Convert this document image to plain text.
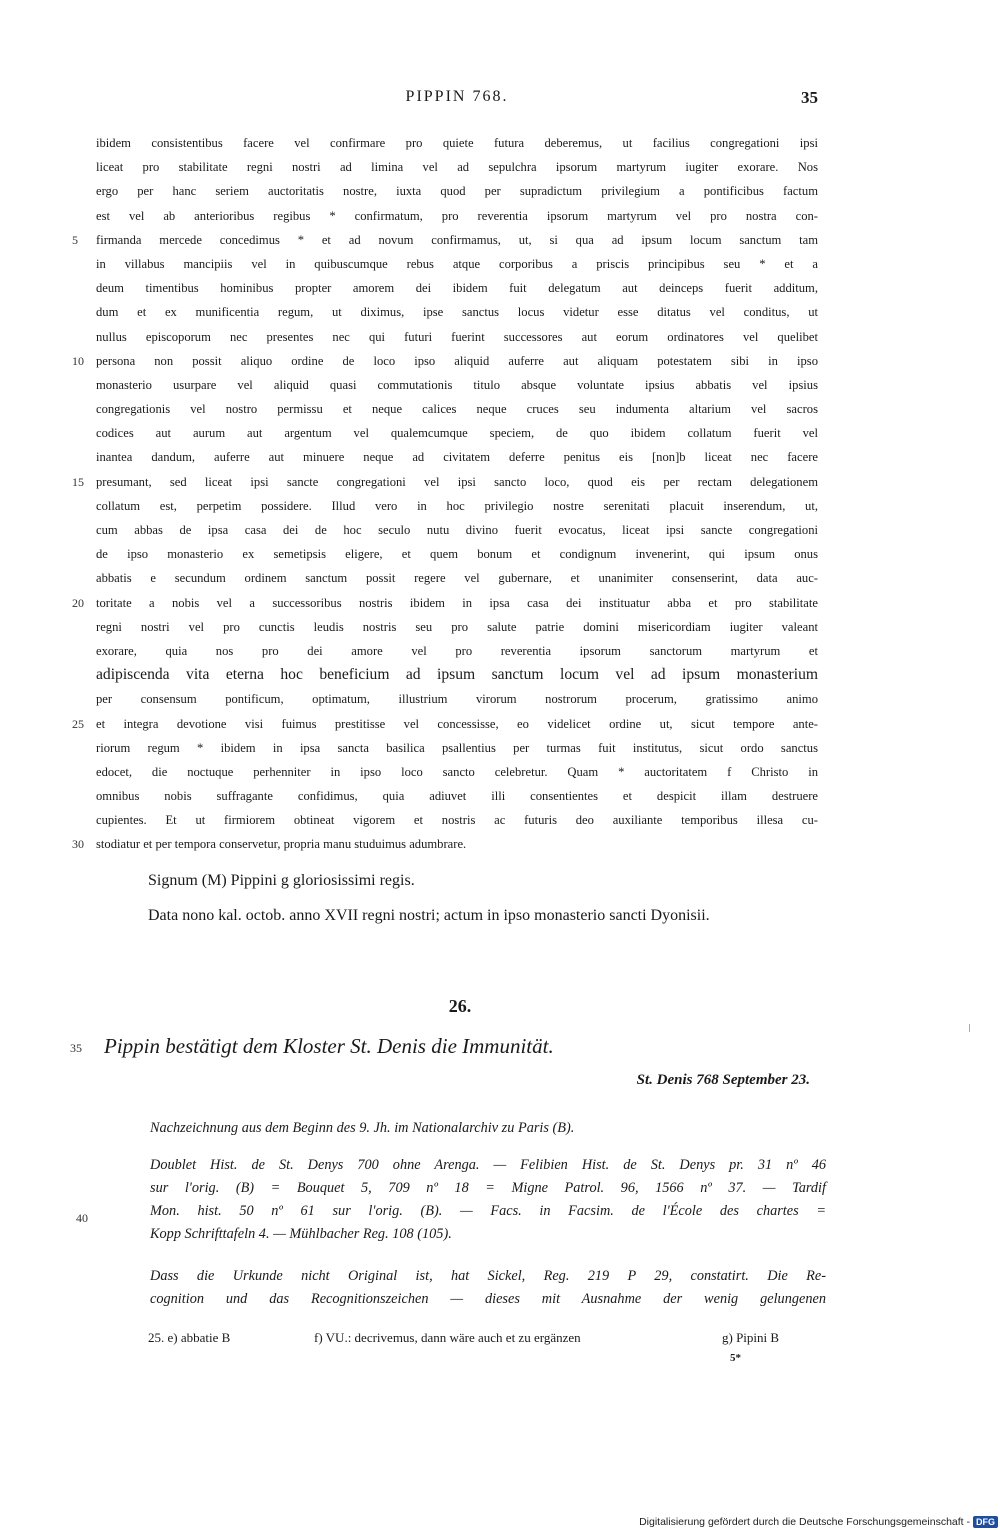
PIPPIN 768.	35
ibidem consistentibus facere vel confirmare pro quiete futura deberemus, ut facilius congregationi ipsi
liceat pro stabilitate regni nostri ad limina vel ad sepulchra ipsorum martyrum iugiter exorare. Nos
ergo per hanc seriem auctoritatis nostre, iuxta quod per supradictum privilegium a pontificibus factum
est vel ab anterioribus regibus * confirmatum, pro reverentia ipsorum martyrum vel pro nostra con-
5	firmanda mercede concedimus * et ad novum confirmamus, ut, si qua ad ipsum locum sanctum tam
in villabus mancipiis vel in quibuscumque rebus atque corporibus a priscis principibus seu * et a
deum timentibus hominibus propter amorem dei ibidem fuit delegatum aut deinceps fuerit additum,
dum et ex munificentia regum, ut diximus, ipse sanctus locus videtur esse ditatus vel conditus, ut
nullus episcoporum nec presentes nec qui futuri fuerint successores aut eorum ordinatores vel quelibet
10 persona non possit aliquo ordine de loco ipso aliquid auferre aut aliquam potestatem sibi in ipso
monasterio usurpare vel aliquid quasi commutationis titulo absque voluntate ipsius abbatis vel ipsius
congregationis vel nostro permissu et neque calices neque cruces seu indumenta altarium vel sacros
codices aut aurum aut argentum vel qualemcumque speciem, de quo ibidem collatum fuerit vel
inantea dandum, auferre aut minuere neque ad civitatem deferre penitus eis [non]b liceat nec facere
15 presumant, sed liceat ipsi sancte congregationi vel ipsi sancto loco, quod eis per rectam delegationem
collatum est, perpetim possidere. Illud vero in hoc privilegio nostre serenitati placuit inserendum, ut,
cum abbas de ipsa casa dei de hoc seculo nutu divino fuerit evocatus, liceat ipsi sancte congregationi
de ipso monasterio ex semetipsis eligere, et quem bonum et condignum invenerint, qui ipsum onus
abbatis e secundum ordinem sanctum possit regere vel gubernare, et unanimiter consenserint, data auc-
20 toritate a nobis vel a successoribus nostris ibidem in ipsa casa dei instituatur abba et pro stabilitate
regni nostri vel pro cunctis leudis nostris seu pro salute patrie domini misericordiam iugiter valeant
exorare, quia nos pro dei amore vel pro reverentia ipsorum sanctorum martyrum et
adipiscenda vita eterna hoc beneficium ad ipsum sanctum locum vel ad ipsum monasterium
per consensum pontificum, optimatum, illustrium virorum nostrorum procerum, gratissimo animo
25 et integra devotione visi fuimus prestitisse vel concessisse, eo videlicet ordine ut, sicut tempore ante-
riorum regum * ibidem in ipsa sancta basilica psallentius per turmas fuit institutus, sicut ordo sanctus
edocet, die noctuque perhenniter in ipso loco sancto celebretur. Quam * auctoritatem f Christo in
omnibus nobis suffragante confidimus, quia adiuvet illi consentientes et despicit illam destruere
cupientes. Et ut firmiorem obtineat vigorem et nostris ac futuris deo auxiliante temporibus illesa cu-
30 stodiatur et per tempora conservetur, propria manu studuimus adumbrare.
Signum (M) Pippini g gloriosissimi regis.
Data nono kal. octob. anno XVII regni nostri; actum in ipso monasterio sancti Dyonisii.
26.
35 Pippin bestätigt dem Kloster St. Denis die Immunität.
St. Denis 768 September 23.
Nachzeichnung aus dem Beginn des 9. Jh. im Nationalarchiv zu Paris (B).
Doublet Hist. de St. Denys 700 ohne Arenga. — Felibien Hist. de St. Denys pr. 31 nº 46
sur l'orig. (B) = Bouquet 5, 709 nº 18 = Migne Patrol. 96, 1566 nº 37. — Tardif
Mon. hist. 50 nº 61 sur l'orig. (B). — Facs. in Facsim. de l'École des chartes =
Kopp Schrifttafeln 4. — Mühlbacher Reg. 108 (105).
40
Dass die Urkunde nicht Original ist, hat Sickel, Reg. 219 P 29, constatirt. Die Re-
cognition und das Recognitionszeichen — dieses mit Ausnahme der wenig gelungenen
25. e) abbatie B	f) VU.: decrivemus, dann wäre auch et zu ergänzen	g) Pipini B
5*
Digitalisierung gefördert durch die Deutsche Forschungsgemeinschaft - DFG
